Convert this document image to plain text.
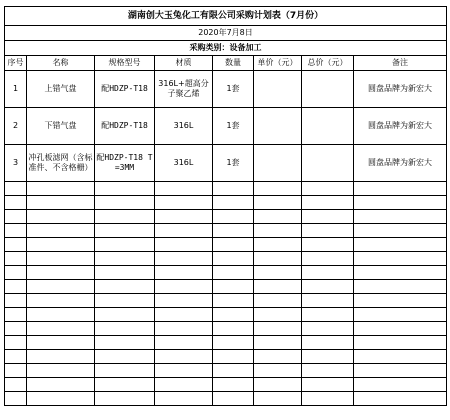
湖南创大玉兔化工有限公司采购计划表（7月份）							
2020年7月8日							
采购类别：设备加工							
序号	名称	规格型号	材质	数量	单价（元）	总价（元）	备注
1	上错气盘	配HDZP-T18	316L+超高分子聚乙烯	1套			圆盘品牌为新宏大
2	下错气盘	配HDZP-T18	316L	1套			圆盘品牌为新宏大
3	冲孔板滤网（含标准件、不含格栅）	配HDZP-T18 T=3MM	316L	1套			圆盘品牌为新宏大
